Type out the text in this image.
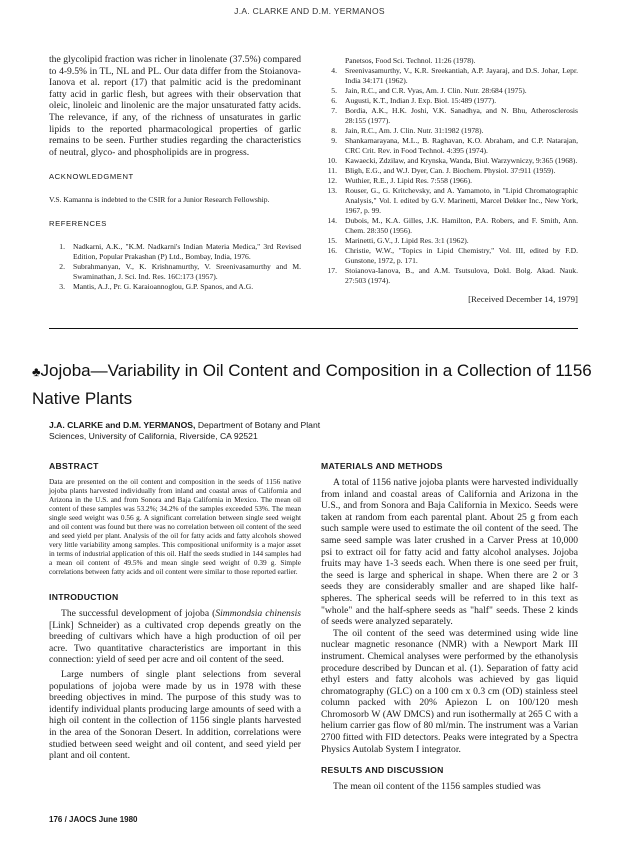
J.A. CLARKE AND D.M. YERMANOS

the glycolipid fraction was richer in linolenate (37.5%) compared to 4-9.5% in TL, NL and PL. Our data differ from the Stoianova-Ianova et al. report (17) that palmitic acid is the predominant fatty acid in garlic flesh, but agrees with their observation that oleic, linoleic and linolenic are the major unsaturated fatty acids. The relevance, if any, of the richness of unsaturates in garlic lipids to the reported pharmacological properties of garlic remains to be seen. Further studies regarding the characteristics of neutral, glyco- and phospholipids are in progress.

ACKNOWLEDGMENT

V.S. Kamanna is indebted to the CSIR for a Junior Research Fellowship.

REFERENCES

1.	Nadkarni, A.K., "K.M. Nadkarni's Indian Materia Medica," 3rd Revised Edition, Popular Prakashan (P) Ltd., Bombay, India, 1976.
2.	Subrahmanyan, V., K. Krishnamurthy, V. Sreenivasamurthy and M. Swaminathan, J. Sci. Ind. Res. 16C:173 (1957).
3.	Mantis, A.J., Pr. G. Karaioannoglou, G.P. Spanos, and A.G.
Panetsos, Food Sci. Technol. 11:26 (1978).
4.	Sreenivasamurthy, V., K.R. Sreekantiah, A.P. Jayaraj, and D.S. Johar, Lepr. India 34:171 (1962).
5.	Jain, R.C., and C.R. Vyas, Am. J. Clin. Nutr. 28:684 (1975).
6.	Augusti, K.T., Indian J. Exp. Biol. 15:489 (1977).
7.	Bordia, A.K., H.K. Joshi, V.K. Sanadhya, and N. Bhu, Atherosclerosis 28:155 (1977).
8.	Jain, R.C., Am. J. Clin. Nutr. 31:1982 (1978).
9.	Shankarnarayana, M.L., B. Raghavan, K.O. Abraham, and C.P. Natarajan, CRC Crit. Rev. in Food Technol. 4:395 (1974).
10.	Kawaecki, Zdzilaw, and Krynska, Wanda, Biul. Warzywniczy, 9:365 (1968).
11.	Bligh, E.G., and W.J. Dyer, Can. J. Biochem. Physiol. 37:911 (1959).
12.	Wuthier, R.E., J. Lipid Res. 7:558 (1966).
13.	Rouser, G., G. Kritchevsky, and A. Yamamoto, in "Lipid Chromatographic Analysis," Vol. I. edited by G.V. Marinetti, Marcel Dekker Inc., New York, 1967, p. 99.
14.	Dubois, M., K.A. Gilles, J.K. Hamilton, P.A. Robers, and F. Smith, Ann. Chem. 28:350 (1956).
15.	Marinetti, G.V., J. Lipid Res. 3:1 (1962).
16.	Christie, W.W., "Topics in Lipid Chemistry," Vol. III, edited by F.D. Gunstone, 1972, p. 171.
17.	Stoianova-Ianova, B., and A.M. Tsutsulova, Dokl. Bolg. Akad. Nauk. 27:503 (1974).
[Received December 14, 1979]
♣Jojoba—Variability in Oil Content and Composition in a Collection of 1156 Native Plants
J.A. CLARKE and D.M. YERMANOS, Department of Botany and Plant Sciences, University of California, Riverside, CA 92521

ABSTRACT

Data are presented on the oil content and composition in the seeds of 1156 native jojoba plants harvested individually from inland and coastal areas of California and Arizona in the U.S. and from Sonora and Baja California in Mexico. The mean oil content of these samples was 53.2%; 34.2% of the samples exceeded 53%. The mean single seed weight was 0.56 g. A significant correlation between single seed weight and oil content was found but there was no correlation between oil content of the seed and seed yield per plant. Analysis of the oil for fatty acids and fatty alcohols showed very little variability among samples. This compositional uniformity is a major asset in terms of industrial application of this oil. Half the seeds studied in 144 samples had a mean oil content of 49.5% and mean single seed weight of 0.39 g. Simple correlations between fatty acids and oil content were similar to those reported earlier.

INTRODUCTION

The successful development of jojoba (Simmondsia chinensis [Link] Schneider) as a cultivated crop depends greatly on the breeding of cultivars which have a high production of oil per acre. Two quantitative characteristics are important in this connection: yield of seed per acre and oil content of the seed.

Large numbers of single plant selections from several populations of jojoba were made by us in 1978 with these breeding objectives in mind. The purpose of this study was to identify individual plants producing large amounts of seed with a high oil content in the collection of 1156 single plants harvested in the area of the Sonoran Desert. In addition, correlations were studied between seed weight and oil content, and seed yield per plant and oil content.

MATERIALS AND METHODS

A total of 1156 native jojoba plants were harvested individually from inland and coastal areas of California and Arizona in the U.S., and from Sonora and Baja California in Mexico. Seeds were taken at random from each parental plant. About 25 g from each such sample were used to estimate the oil content of the seed. The same seed sample was later crushed in a Carver Press at 10,000 psi to extract oil for fatty acid and fatty alcohol analyses. Jojoba fruits may have 1-3 seeds each. When there is one seed per fruit, the seed is large and spherical in shape. When there are 2 or 3 seeds they are considerably smaller and are shaped like half-spheres. The spherical seeds will be referred to in this text as "whole" and the half-sphere seeds as "half" seeds. These 2 kinds of seeds were analyzed separately.

The oil content of the seed was determined using wide line nuclear magnetic resonance (NMR) with a Newport Mark III instrument. Chemical analyses were performed by the ethanolysis procedure described by Duncan et al. (1). Separation of fatty acid ethyl esters and fatty alcohols was achieved by gas liquid chromatography (GLC) on a 100 cm x 0.3 cm (OD) stainless steel column packed with 20% Apiezon L on 100/120 mesh Chromosorb W (AW DMCS) and run isothermally at 265 C with a helium carrier gas flow of 80 ml/min. The instrument was a Varian 2700 fitted with FID detectors. Peaks were integrated by a Spectra Physics Autolab System I integrator.

RESULTS AND DISCUSSION

The mean oil content of the 1156 samples studied was

176 / JAOCS June 1980
